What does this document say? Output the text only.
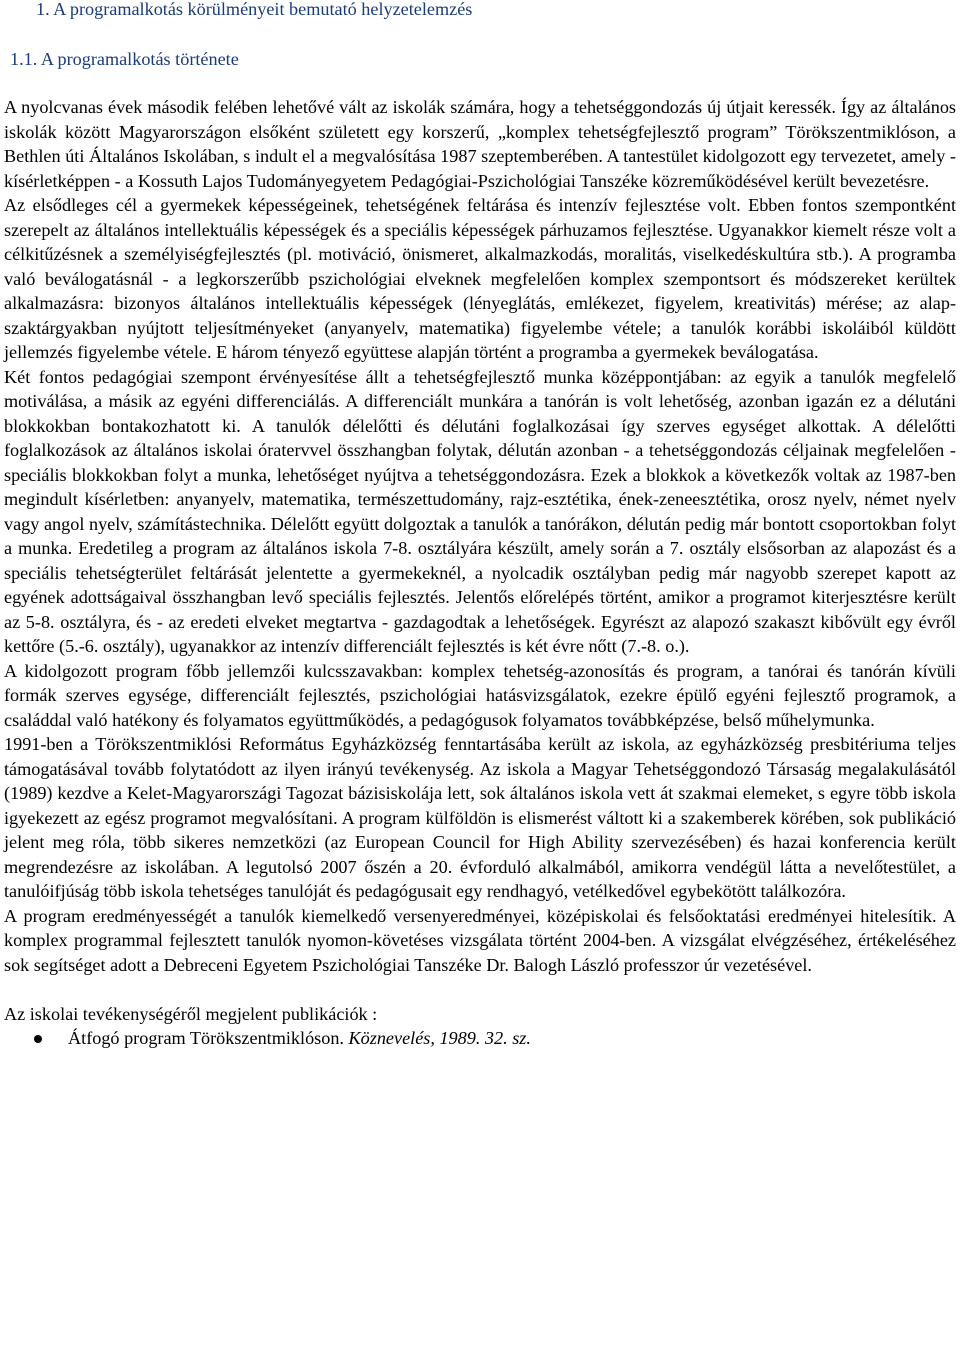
1. A programalkotás körülményeit bemutató helyzetelemzés
1.1. A programalkotás története

A nyolcvanas évek második felében lehetővé vált az iskolák számára, hogy a tehetséggondozás új útjait keressék. Így az általános iskolák között Magyarországon elsőként született egy korszerű, „komplex tehetségfejlesztő program” Törökszentmiklóson, a Bethlen úti Általános Iskolában, s indult el a megvalósítása 1987 szeptemberében. A tantestület kidolgozott egy tervezetet, amely - kísérletképpen - a Kossuth Lajos Tudományegyetem Pedagógiai-Pszichológiai Tanszéke közreműködésével került bevezetésre.

Az elsődleges cél a gyermekek képességeinek, tehetségének feltárása és intenzív fejlesztése volt. Ebben fontos szempontként szerepelt az általános intellektuális képességek és a speciális képességek párhuzamos fejlesztése. Ugyanakkor kiemelt része volt a célkitűzésnek a személyiségfejlesztés (pl. motiváció, önismeret, alkalmazkodás, moralitás, viselkedéskultúra stb.). A programba való beválogatásnál - a legkorszerűbb pszichológiai elveknek megfelelően komplex szempontsort és módszereket kerültek alkalmazásra: bizonyos általános intellektuális képességek (lényeglátás, emlékezet, figyelem, kreativitás) mérése; az alap-szaktárgyakban nyújtott teljesítményeket (anyanyelv, matematika) figyelembe vétele; a tanulók korábbi iskoláiból küldött jellemzés figyelembe vétele. E három tényező együttese alapján történt a programba a gyermekek beválogatása.

Két fontos pedagógiai szempont érvényesítése állt a tehetségfejlesztő munka középpontjában: az egyik a tanulók megfelelő motiválása, a másik az egyéni differenciálás. A differenciált munkára a tanórán is volt lehetőség, azonban igazán ez a délutáni blokkokban bontakozhatott ki. A tanulók délelőtti és délutáni foglalkozásai így szerves egységet alkottak. A délelőtti foglalkozások az általános iskolai óratervvel összhangban folytak, délután azonban - a tehetséggondozás céljainak megfelelően - speciális blokkokban folyt a munka, lehetőséget nyújtva a tehetséggondozásra. Ezek a blokkok a következők voltak az 1987-ben megindult kísérletben: anyanyelv, matematika, természettudomány, rajz-esztétika, ének-zeneesztétika, orosz nyelv, német nyelv vagy angol nyelv, számítástechnika. Délelőtt együtt dolgoztak a tanulók a tanórákon, délután pedig már bontott csoportokban folyt a munka. Eredetileg a program az általános iskola 7-8. osztályára készült, amely során a 7. osztály elsősorban az alapozást és a speciális tehetségterület feltárását jelentette a gyermekeknél, a nyolcadik osztályban pedig már nagyobb szerepet kapott az egyének adottságaival összhangban levő speciális fejlesztés. Jelentős előrelépés történt, amikor a programot kiterjesztésre került az 5-8. osztályra, és - az eredeti elveket megtartva - gazdagodtak a lehetőségek. Egyrészt az alapozó szakaszt kibővült egy évről kettőre (5.-6. osztály), ugyanakkor az intenzív differenciált fejlesztés is két évre nőtt (7.-8. o.).

A kidolgozott program főbb jellemzői kulcsszavakban: komplex tehetség-azonosítás és program, a tanórai és tanórán kívüli formák szerves egysége, differenciált fejlesztés, pszichológiai hatásvizsgálatok, ezekre épülő egyéni fejlesztő programok, a családdal való hatékony és folyamatos együttműködés, a pedagógusok folyamatos továbbképzése, belső műhelymunka.

1991-ben a Törökszentmiklósi Református Egyházközség fenntartásába került az iskola, az egyházközség presbitériuma teljes támogatásával tovább folytatódott az ilyen irányú tevékenység. Az iskola a Magyar Tehetséggondozó Társaság megalakulásától (1989) kezdve a Kelet-Magyarországi Tagozat bázisiskolája lett, sok általános iskola vett át szakmai elemeket, s egyre több iskola igyekezett az egész programot megvalósítani. A program külföldön is elismerést váltott ki a szakemberek körében, sok publikáció jelent meg róla, több sikeres nemzetközi (az European Council for High Ability szervezésében) és hazai konferencia került megrendezésre az iskolában. A legutolsó 2007 őszén a 20. évforduló alkalmából, amikorra vendégül látta a nevelőtestület, a tanulóifjúság több iskola tehetséges tanulóját és pedagógusait egy rendhagyó, vetélkedővel egybekötött találkozóra.

A program eredményességét a tanulók kiemelkedő versenyeredményei, középiskolai és felsőoktatási eredményei hitelesítik. A komplex programmal fejlesztett tanulók nyomon-követéses vizsgálata történt 2004-ben. A vizsgálat elvégzéséhez, értékeléséhez sok segítséget adott a Debreceni Egyetem Pszichológiai Tanszéke Dr. Balogh László professzor úr vezetésével.

Az iskolai tevékenységéről megjelent publikációk :

Átfogó program Törökszentmiklóson. Köznevelés, 1989. 32. sz.
